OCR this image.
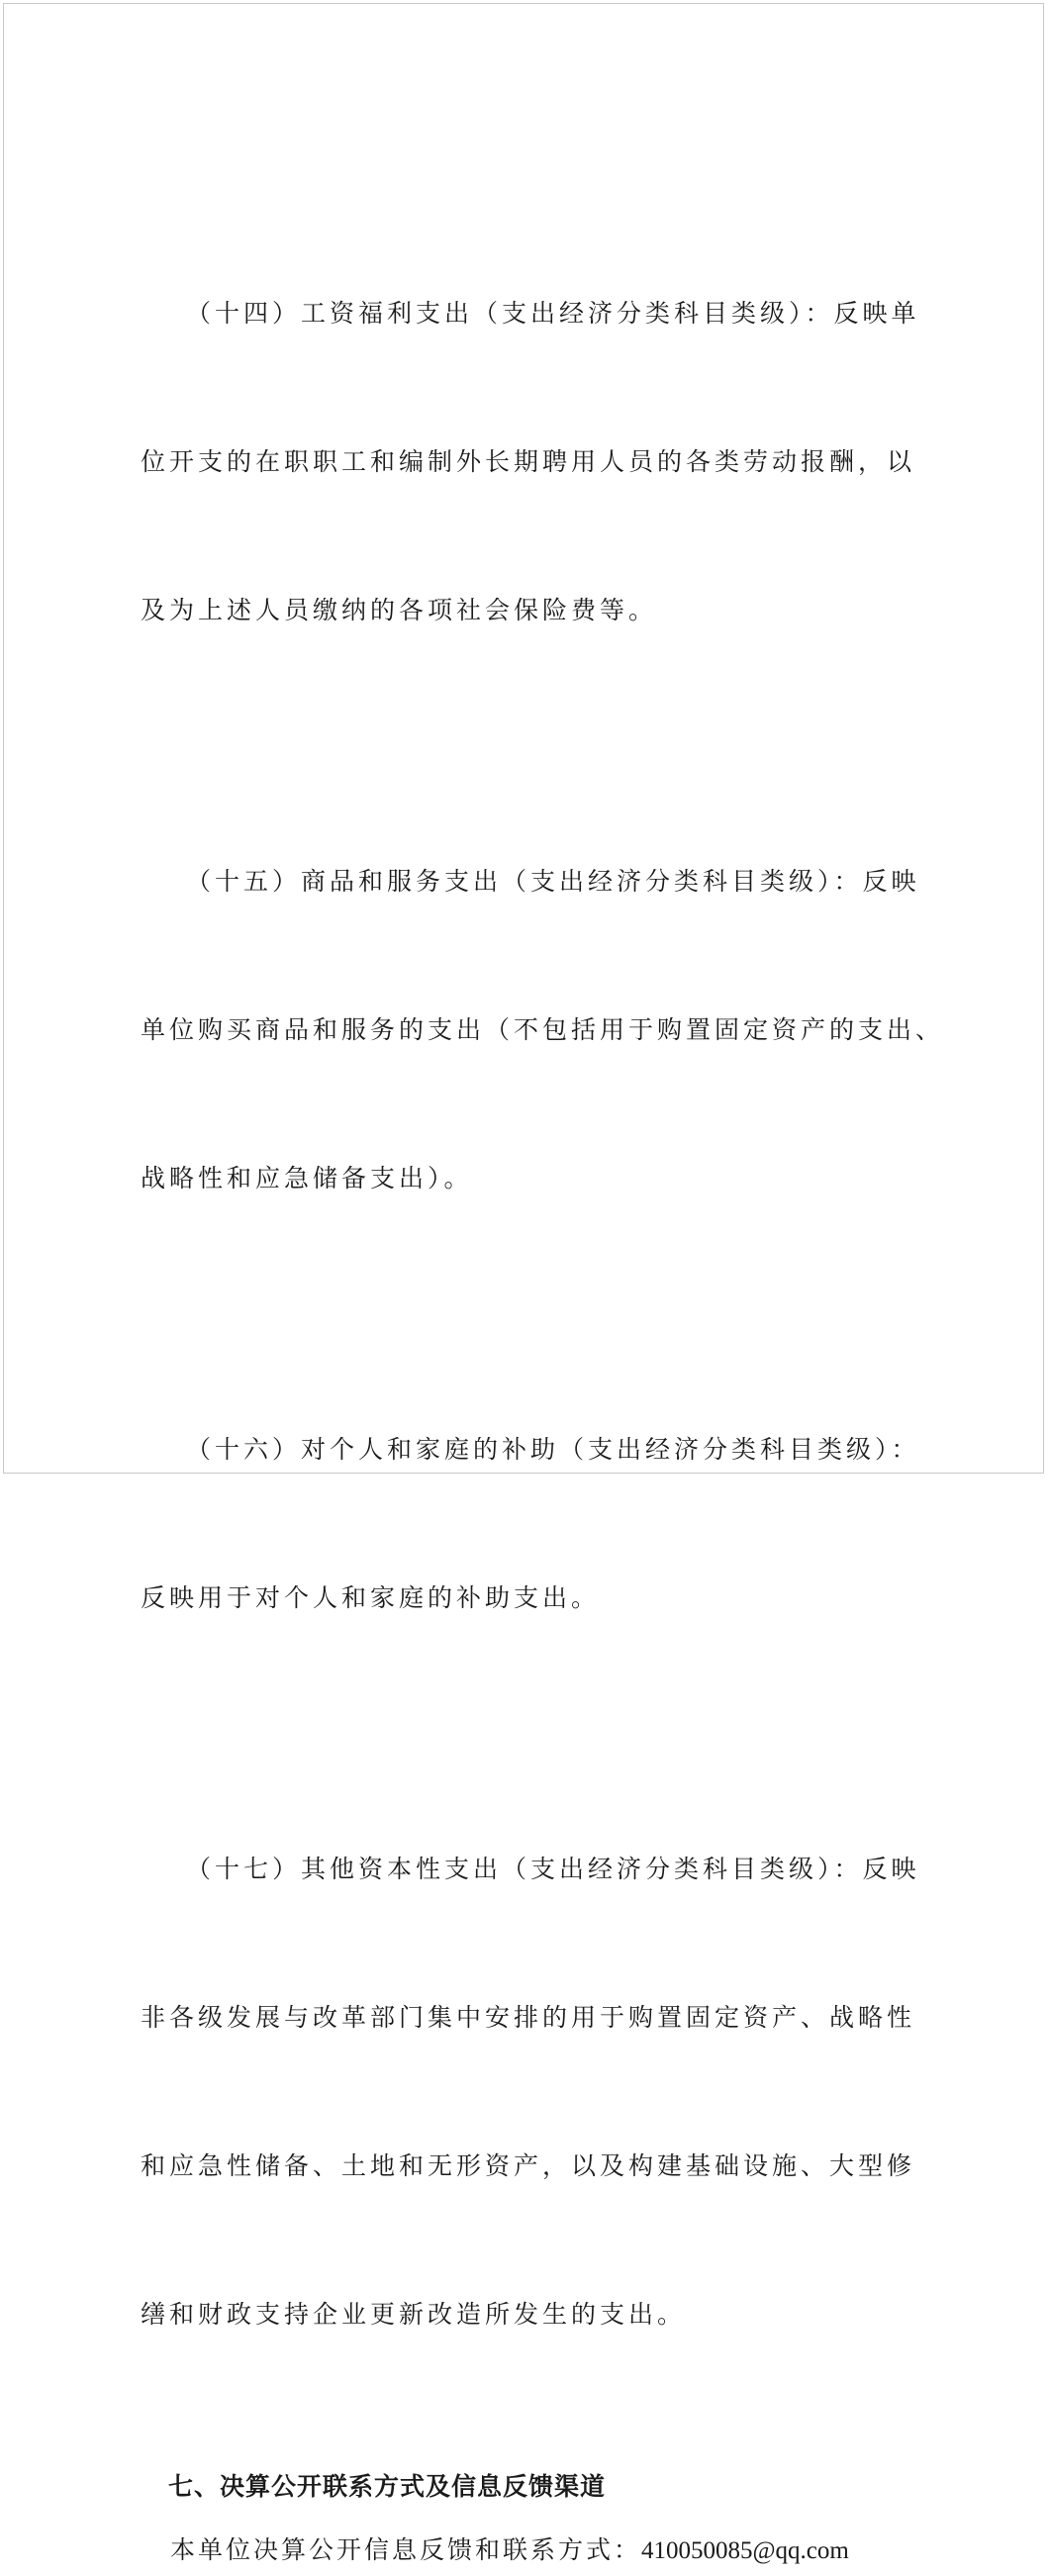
（十四）工资福利支出（支出经济分类科目类级）：反映单

位开支的在职职工和编制外长期聘用人员的各类劳动报酬，以

及为上述人员缴纳的各项社会保险费等。

（十五）商品和服务支出（支出经济分类科目类级）：反映

单位购买商品和服务的支出（不包括用于购置固定资产的支出、

战略性和应急储备支出）。

（十六）对个人和家庭的补助（支出经济分类科目类级）：

反映用于对个人和家庭的补助支出。

（十七）其他资本性支出（支出经济分类科目类级）：反映

非各级发展与改革部门集中安排的用于购置固定资产、战略性

和应急性储备、土地和无形资产，以及构建基础设施、大型修

缮和财政支持企业更新改造所发生的支出。

七、决算公开联系方式及信息反馈渠道
本单位决算公开信息反馈和联系方式：410050085@qq.com
